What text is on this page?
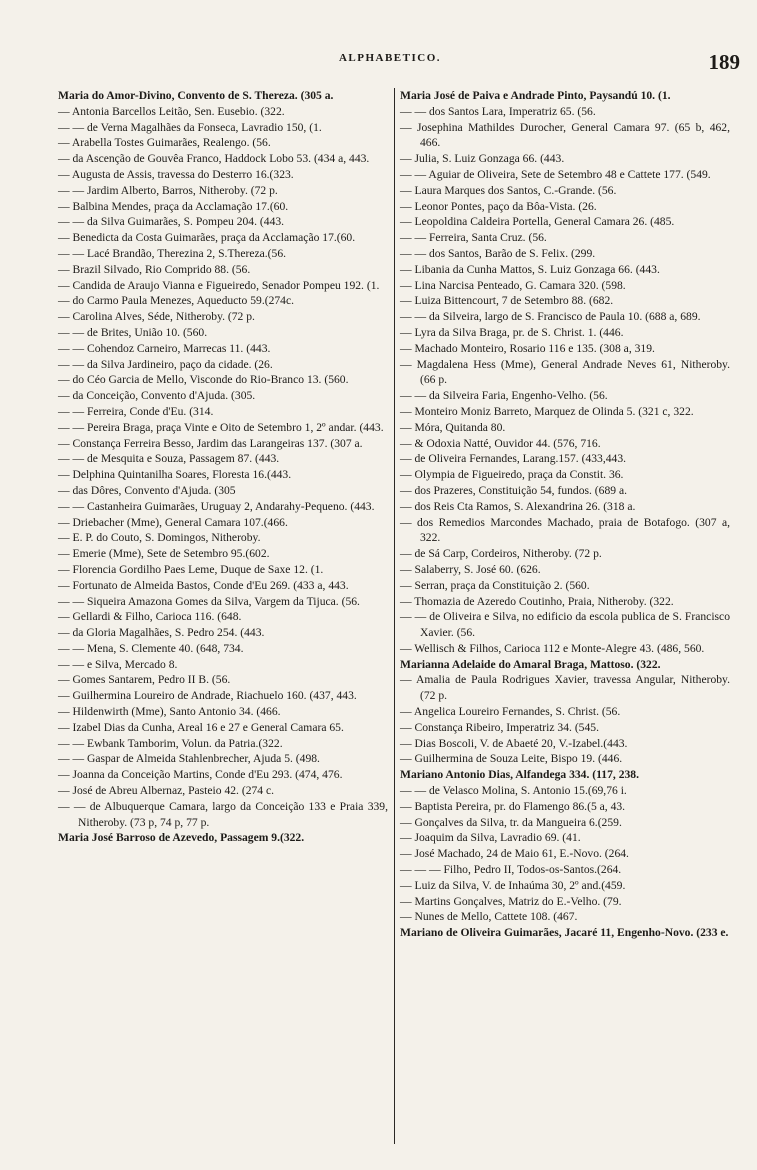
ALPHABETICO.	189

Maria do Amor-Divino, Convento de S. Thereza. (305 a.

— Antonia Barcellos Leitão, Sen. Eusebio. (322.

— — de Verna Magalhães da Fonseca, Lavradio 150, (1.

— Arabella Tostes Guimarães, Realengo. (56.

— da Ascenção de Gouvêa Franco, Haddock Lobo 53. (434 a, 443.

— Augusta de Assis, travessa do Desterro 16.(323.

— — Jardim Alberto, Barros, Nitheroby. (72 p.

— Balbina Mendes, praça da Acclamação 17.(60.

— — da Silva Guimarães, S. Pompeu 204. (443.

— Benedicta da Costa Guimarães, praça da Acclamação 17.(60.

— — Lacé Brandão, Therezina 2, S.Thereza.(56.

— Brazil Silvado, Rio Comprido 88. (56.

— Candida de Araujo Vianna e Figueiredo, Senador Pompeu 192. (1.

— do Carmo Paula Menezes, Aqueducto 59.(274c.

— Carolina Alves, Séde, Nitheroby. (72 p.

— — de Brites, União 10. (560.

— — Cohendoz Carneiro, Marrecas 11. (443.

— — da Silva Jardineiro, paço da cidade. (26.

— do Céo Garcia de Mello, Visconde do Rio-Branco 13. (560.

— da Conceição, Convento d'Ajuda. (305.

— — Ferreira, Conde d'Eu. (314.

— — Pereira Braga, praça Vinte e Oito de Setembro 1, 2º andar. (443.

— Constança Ferreira Besso, Jardim das Larangeiras 137. (307 a.

— — de Mesquita e Souza, Passagem 87. (443.

— Delphina Quintanilha Soares, Floresta 16.(443.

— das Dôres, Convento d'Ajuda. (305

— — Castanheira Guimarães, Uruguay 2, Andarahy-Pequeno. (443.

— Driebacher (Mme), General Camara 107.(466.

— E. P. do Couto, S. Domingos, Nitheroby.

— Emerie (Mme), Sete de Setembro 95.(602.

— Florencia Gordilho Paes Leme, Duque de Saxe 12. (1.

— Fortunato de Almeida Bastos, Conde d'Eu 269. (433 a, 443.

— — Siqueira Amazona Gomes da Silva, Vargem da Tijuca. (56.

— Gellardi & Filho, Carioca 116. (648.

— da Gloria Magalhães, S. Pedro 254. (443.

— — Mena, S. Clemente 40. (648, 734.

— — e Silva, Mercado 8.

— Gomes Santarem, Pedro II B. (56.

— Guilhermina Loureiro de Andrade, Riachuelo 160. (437, 443.

— Hildenwirth (Mme), Santo Antonio 34. (466.

— Izabel Dias da Cunha, Areal 16 e 27 e General Camara 65.

— — Ewbank Tamborim, Volun. da Patria.(322.

— — Gaspar de Almeida Stahlenbrecher, Ajuda 5. (498.

— Joanna da Conceição Martins, Conde d'Eu 293. (474, 476.

— José de Abreu Albernaz, Pasteio 42. (274 c.

— — de Albuquerque Camara, largo da Conceição 133 e Praia 339, Nitheroby. (73 p, 74 p, 77 p.

Maria José Barroso de Azevedo, Passagem 9.(322.

Maria José de Paiva e Andrade Pinto, Paysandú 10. (1.

— — dos Santos Lara, Imperatriz 65. (56.

— Josephina Mathildes Durocher, General Camara 97. (65 b, 462, 466.

— Julia, S. Luiz Gonzaga 66. (443.

— — Aguiar de Oliveira, Sete de Setembro 48 e Cattete 177. (549.

— Laura Marques dos Santos, C.-Grande. (56.

— Leonor Pontes, paço da Bôa-Vista. (26.

— Leopoldina Caldeira Portella, General Camara 26. (485.

— — Ferreira, Santa Cruz. (56.

— — dos Santos, Barão de S. Felix. (299.

— Libania da Cunha Mattos, S. Luiz Gonzaga 66. (443.

— Lina Narcisa Penteado, G. Camara 320. (598.

— Luiza Bittencourt, 7 de Setembro 88. (682.

— — da Silveira, largo de S. Francisco de Paula 10. (688 a, 689.

— Lyra da Silva Braga, pr. de S. Christ. 1. (446.

— Machado Monteiro, Rosario 116 e 135. (308 a, 319.

— Magdalena Hess (Mme), General Andrade Neves 61, Nitheroby. (66 p.

— — da Silveira Faria, Engenho-Velho. (56.

— Monteiro Moniz Barreto, Marquez de Olinda 5. (321 c, 322.

— Móra, Quitanda 80.

— & Odoxia Natté, Ouvidor 44. (576, 716.

— de Oliveira Fernandes, Larang.157. (433,443.

— Olympia de Figueiredo, praça da Constit. 36.

— dos Prazeres, Constituição 54, fundos. (689 a.

— dos Reis Cta Ramos, S. Alexandrina 26. (318 a.

— dos Remedios Marcondes Machado, praia de Botafogo. (307 a, 322.

— de Sá Carp, Cordeiros, Nitheroby. (72 p.

— Salaberry, S. José 60. (626.

— Serran, praça da Constituição 2. (560.

— Thomazia de Azeredo Coutinho, Praia, Nitheroby. (322.

— — de Oliveira e Silva, no edificio da escola publica de S. Francisco Xavier. (56.

— Wellisch & Filhos, Carioca 112 e Monte-Alegre 43. (486, 560.

Marianna Adelaide do Amaral Braga, Mattoso. (322.

— Amalia de Paula Rodrigues Xavier, travessa Angular, Nitheroby. (72 p.

— Angelica Loureiro Fernandes, S. Christ. (56.

— Constança Ribeiro, Imperatriz 34. (545.

— Dias Boscoli, V. de Abaeté 20, V.-Izabel.(443.

— Guilhermina de Souza Leite, Bispo 19. (446.

Mariano Antonio Dias, Alfandega 334. (117, 238.

— — de Velasco Molina, S. Antonio 15.(69,76 i.

— Baptista Pereira, pr. do Flamengo 86.(5 a, 43.

— Gonçalves da Silva, tr. da Mangueira 6.(259.

— Joaquim da Silva, Lavradio 69. (41.

— José Machado, 24 de Maio 61, E.-Novo. (264.

— — — Filho, Pedro II, Todos-os-Santos.(264.

— Luiz da Silva, V. de Inhaúma 30, 2º and.(459.

— Martins Gonçalves, Matriz do E.-Velho. (79.

— Nunes de Mello, Cattete 108. (467.

Mariano de Oliveira Guimarães, Jacaré 11, Engenho-Novo. (233 e.
